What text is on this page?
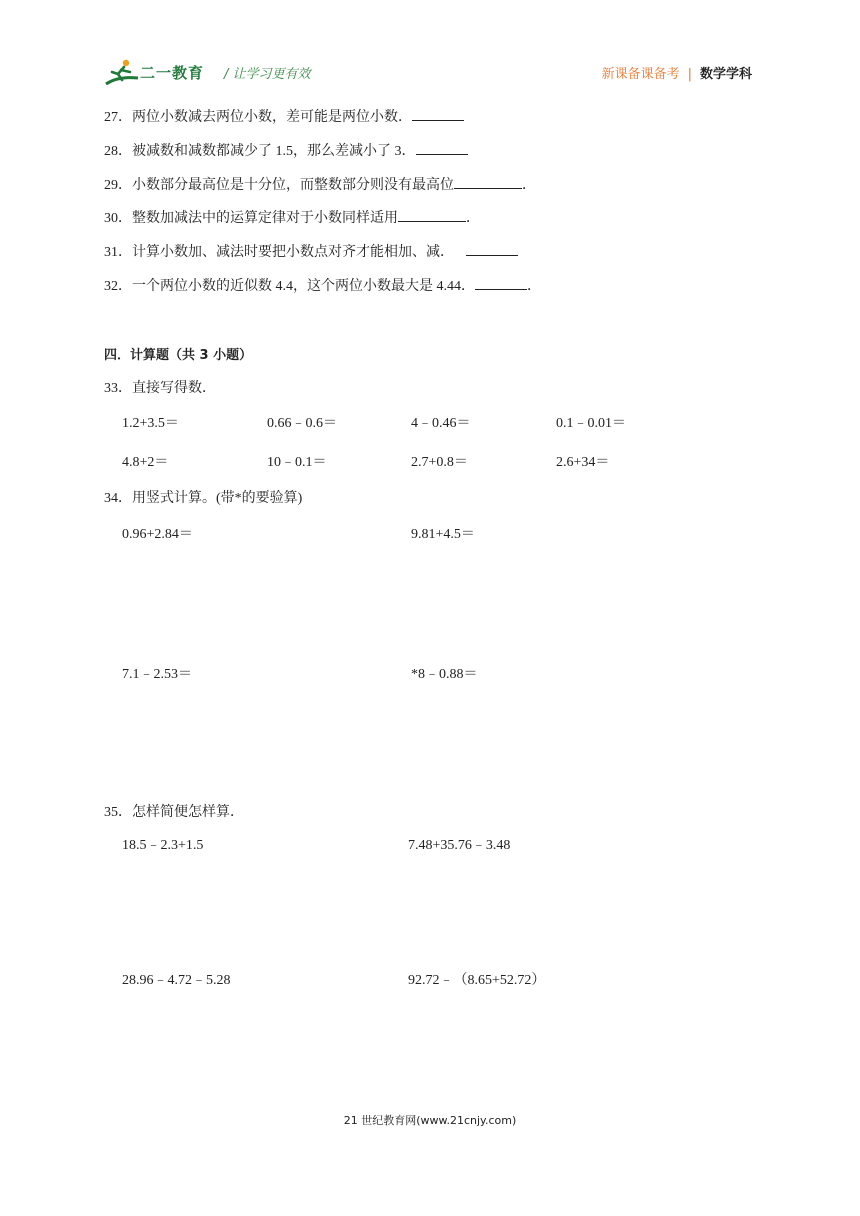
二一教育 / 让学习更有效	新课备课备考 | 数学学科
27．两位小数减去两位小数，差可能是两位小数．
28．被减数和减数都减少了 1.5，那么差减小了 3．
29．小数部分最高位是十分位，而整数部分则没有最高位	．
30．整数加减法中的运算定律对于小数同样适用	．
31．计算小数加、减法时要把小数点对齐才能相加、减．
32．一个两位小数的近似数 4.4，这个两位小数最大是 4.44．	．
四．计算题（共 3 小题）
33．直接写得数．
1.2+3.5＝	0.66﹣0.6＝	4﹣0.46＝	0.1﹣0.01＝
4.8+2＝	10﹣0.1＝	2.7+0.8＝	2.6+34＝
34．用竖式计算。(带*的要验算)
0.96+2.84＝	9.81+4.5＝
7.1﹣2.53＝	*8﹣0.88＝
35．怎样简便怎样算．
18.5﹣2.3+1.5	7.48+35.76﹣3.48
28.96﹣4.72﹣5.28	92.72﹣（8.65+52.72）
21 世纪教育网(www.21cnjy.com)
